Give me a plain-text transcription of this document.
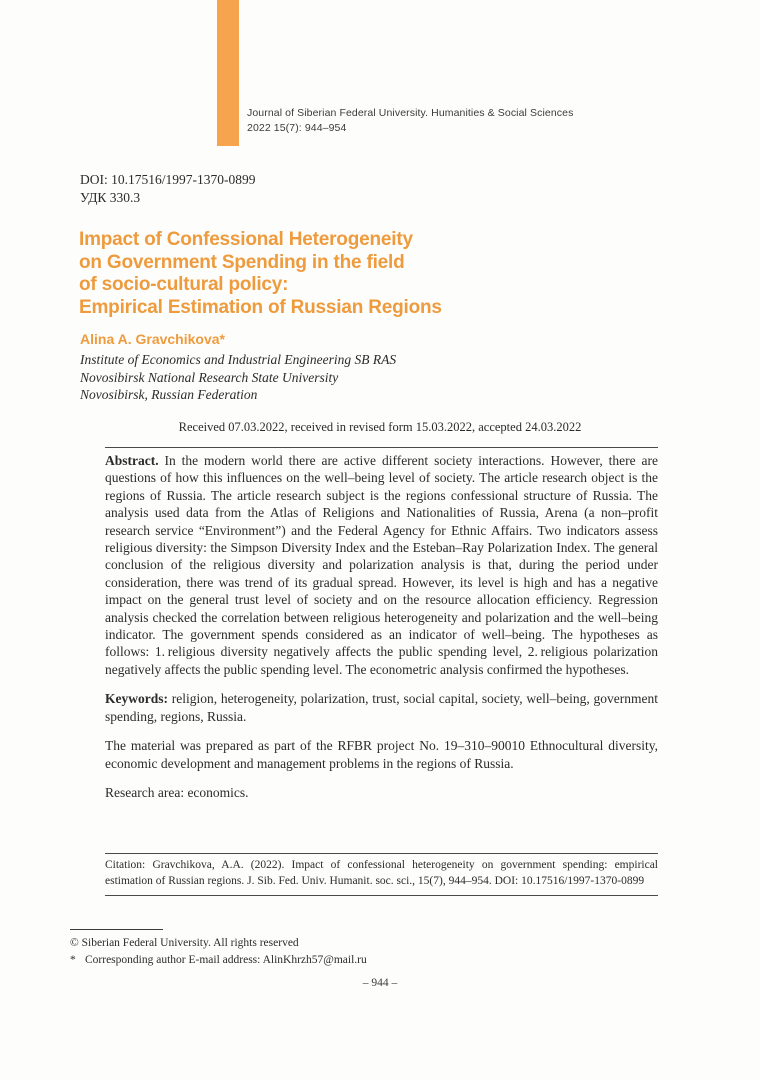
Journal of Siberian Federal University. Humanities & Social Sciences
2022 15(7): 944–954
DOI: 10.17516/1997-1370-0899
УДК 330.3
Impact of Confessional Heterogeneity
on Government Spending in the field
of socio-cultural policy:
Empirical Estimation of Russian Regions
Alina A. Gravchikova*
Institute of Economics and Industrial Engineering SB RAS
Novosibirsk National Research State University
Novosibirsk, Russian Federation
Received 07.03.2022, received in revised form 15.03.2022, accepted 24.03.2022

Abstract. In the modern world there are active different society interactions. However, there are questions of how this influences on the well–being level of society. The article research object is the regions of Russia. The article research subject is the regions confessional structure of Russia. The analysis used data from the Atlas of Religions and Nationalities of Russia, Arena (a non–profit research service “Environment”) and the Federal Agency for Ethnic Affairs. Two indicators assess religious diversity: the Simpson Diversity Index and the Esteban–Ray Polarization Index. The general conclusion of the religious diversity and polarization analysis is that, during the period under consideration, there was trend of its gradual spread. However, its level is high and has a negative impact on the general trust level of society and on the resource allocation efficiency. Regression analysis checked the correlation between religious heterogeneity and polarization and the well–being indicator. The government spends considered as an indicator of well–being. The hypotheses as follows: 1. religious diversity negatively affects the public spending level, 2. religious polarization negatively affects the public spending level. The econometric analysis confirmed the hypotheses.

Keywords: religion, heterogeneity, polarization, trust, social capital, society, well–being, government spending, regions, Russia.

The material was prepared as part of the RFBR project No. 19–310–90010 Ethnocultural diversity, economic development and management problems in the regions of Russia.

Research area: economics.

Citation: Gravchikova, A.A. (2022). Impact of confessional heterogeneity on government spending: empirical estimation of Russian regions. J. Sib. Fed. Univ. Humanit. soc. sci., 15(7), 944–954. DOI: 10.17516/1997-1370-0899
© Siberian Federal University. All rights reserved
* Corresponding author E-mail address: AlinKhrzh57@mail.ru
– 944 –
